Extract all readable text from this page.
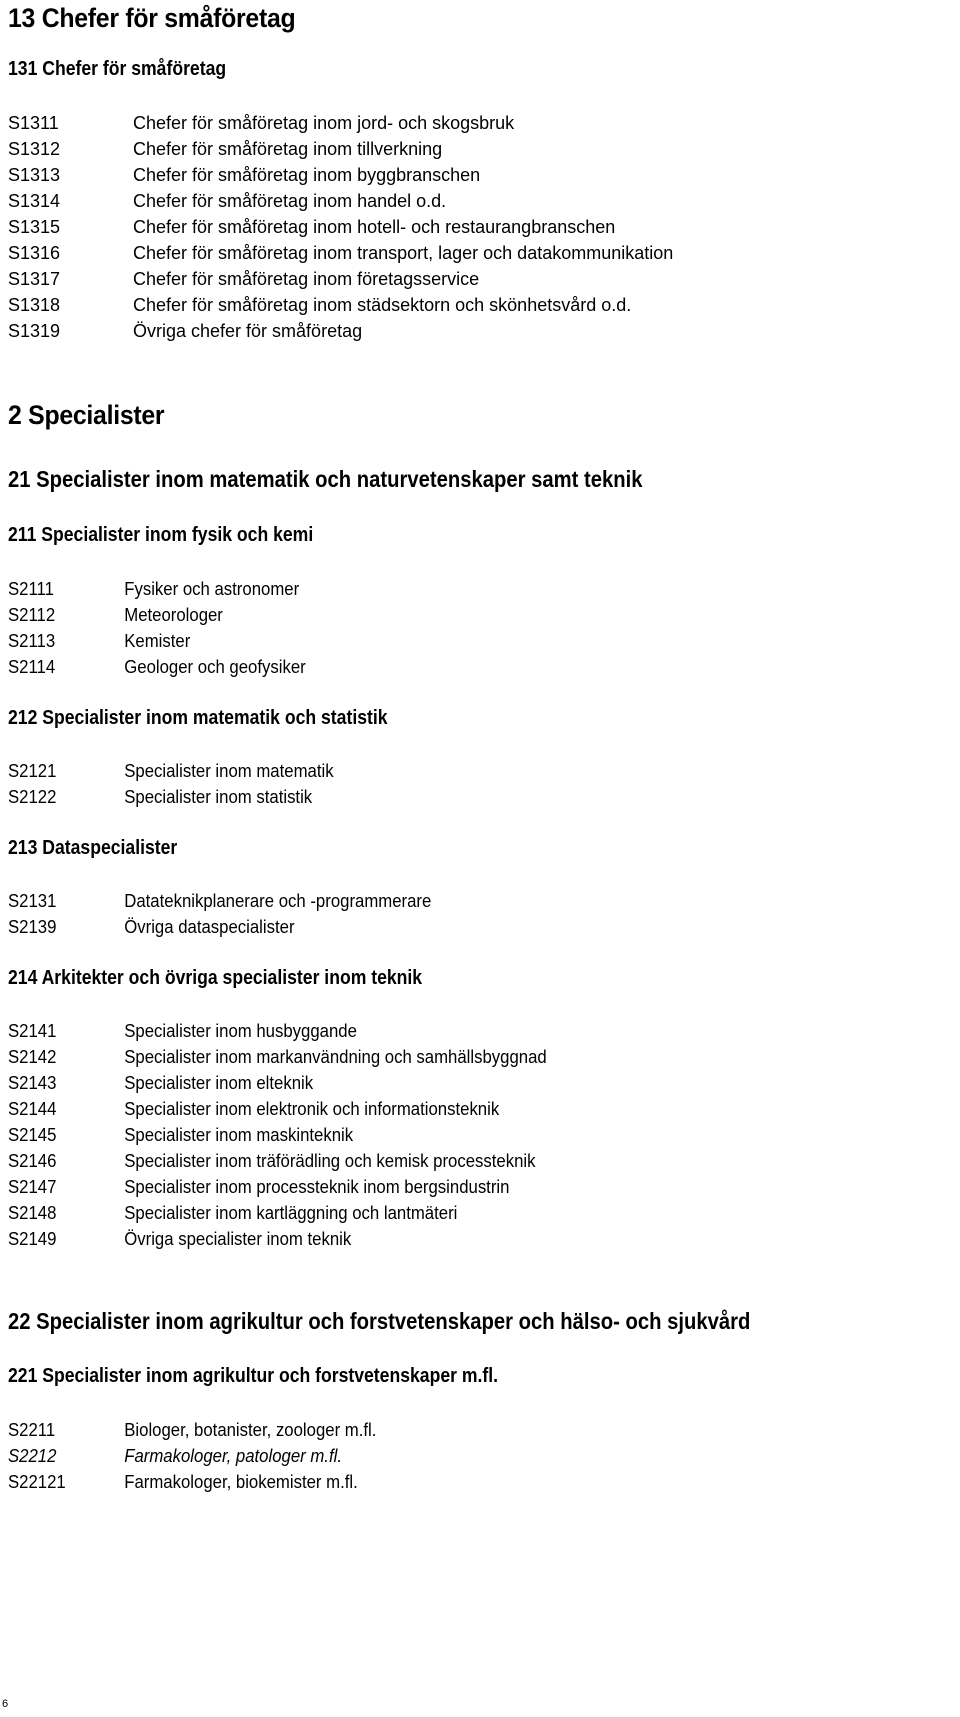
13 Chefer för småföretag
131 Chefer för småföretag
S1311	Chefer för småföretag inom jord- och skogsbruk
S1312	Chefer för småföretag inom tillverkning
S1313	Chefer för småföretag inom byggbranschen
S1314	Chefer för småföretag inom handel o.d.
S1315	Chefer för småföretag inom hotell- och restaurangbranschen
S1316	Chefer för småföretag inom transport, lager och datakommunikation
S1317	Chefer för småföretag inom företagsservice
S1318	Chefer för småföretag inom städsektorn och skönhetsvård o.d.
S1319	Övriga chefer för småföretag
2 Specialister
21 Specialister inom matematik och naturvetenskaper samt teknik
211 Specialister inom fysik och kemi
S2111	Fysiker och astronomer
S2112	Meteorologer
S2113	Kemister
S2114	Geologer och geofysiker
212 Specialister inom matematik och statistik
S2121	Specialister inom matematik
S2122	Specialister inom statistik
213 Dataspecialister
S2131	Datateknikplanerare och -programmerare
S2139	Övriga dataspecialister
214 Arkitekter och övriga specialister inom teknik
S2141	Specialister inom husbyggande
S2142	Specialister inom markanvändning och samhällsbyggnad
S2143	Specialister inom elteknik
S2144	Specialister inom elektronik och informationsteknik
S2145	Specialister inom maskinteknik
S2146	Specialister inom träförädling och kemisk processteknik
S2147	Specialister inom processteknik inom bergsindustrin
S2148	Specialister inom kartläggning och lantmäteri
S2149	Övriga specialister inom teknik
22 Specialister inom agrikultur och forstvetenskaper och hälso- och sjukvård
221 Specialister inom agrikultur och forstvetenskaper m.fl.
S2211	Biologer, botanister, zoologer m.fl.
S2212	Farmakologer, patologer m.fl.
S22121	Farmakologer, biokemister m.fl.
6
